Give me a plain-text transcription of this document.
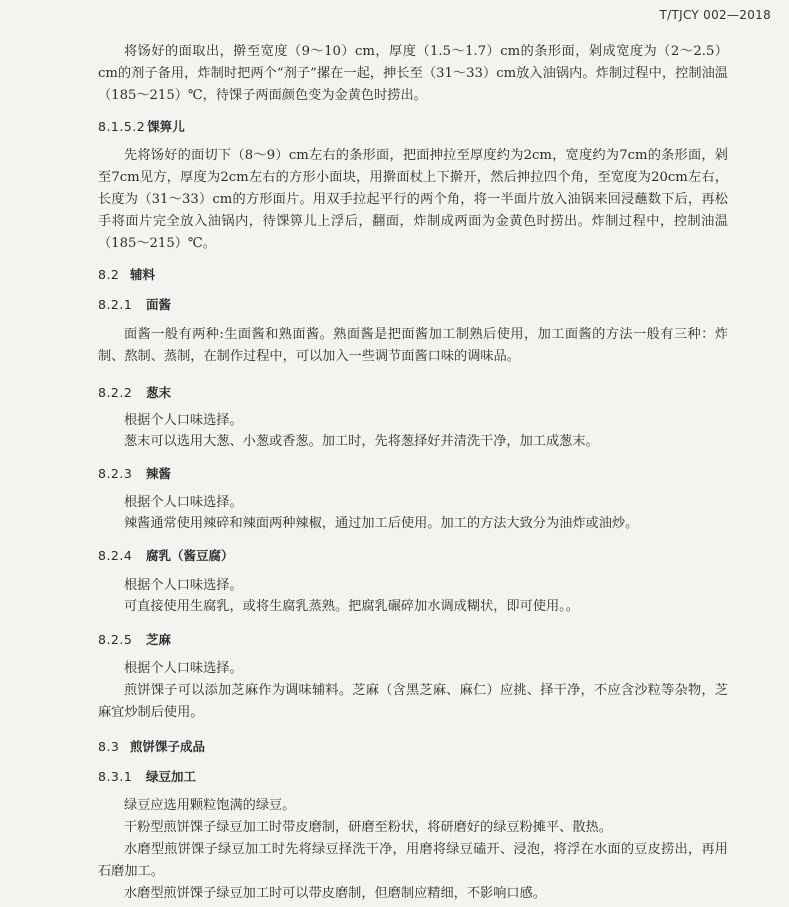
T/TJCY 002—2018

将饧好的面取出，擀至宽度（9～10）cm，厚度（1.5～1.7）cm的条形面，剁成宽度为（2～2.5）cm的剂子备用，炸制时把两个“剂子”摞在一起，抻长至（31～33）cm放入油锅内。炸制过程中，控制油温（185～215）℃，待馃子两面颜色变为金黄色时捞出。

8.1.5.2 馃箅儿

先将饧好的面切下（8～9）cm左右的条形面，把面抻拉至厚度约为2cm，宽度约为7cm的条形面，剁至7cm见方，厚度为2cm左右的方形小面块，用擀面杖上下擀开，然后抻拉四个角，至宽度为20cm左右，长度为（31～33）cm的方形面片。用双手拉起平行的两个角，将一半面片放入油锅来回浸蘸数下后，再松手将面片完全放入油锅内，待馃箅儿上浮后，翻面，炸制成两面为金黄色时捞出。炸制过程中，控制油温（185～215）℃。

8.2 辅料
8.2.1 面酱

面酱一般有两种:生面酱和熟面酱。熟面酱是把面酱加工制熟后使用，加工面酱的方法一般有三种：炸制、熬制、蒸制，在制作过程中，可以加入一些调节面酱口味的调味品。

8.2.2 葱末

根据个人口味选择。

葱末可以选用大葱、小葱或香葱。加工时，先将葱择好并清洗干净，加工成葱末。

8.2.3 辣酱

根据个人口味选择。

辣酱通常使用辣碎和辣面两种辣椒，通过加工后使用。加工的方法大致分为油炸或油炒。

8.2.4 腐乳（酱豆腐）

根据个人口味选择。

可直接使用生腐乳，或将生腐乳蒸熟。把腐乳碾碎加水调成糊状，即可使用。。

8.2.5 芝麻

根据个人口味选择。

煎饼馃子可以添加芝麻作为调味辅料。芝麻（含黑芝麻、麻仁）应挑、择干净，不应含沙粒等杂物，芝麻宜炒制后使用。

8.3 煎饼馃子成品
8.3.1 绿豆加工

绿豆应选用颗粒饱满的绿豆。

干粉型煎饼馃子绿豆加工时带皮磨制，研磨至粉状，将研磨好的绿豆粉摊平、散热。

水磨型煎饼馃子绿豆加工时先将绿豆择洗干净，用磨将绿豆磕开、浸泡，将浮在水面的豆皮捞出，再用石磨加工。

水磨型煎饼馃子绿豆加工时可以带皮磨制，但磨制应精细，不影响口感。
